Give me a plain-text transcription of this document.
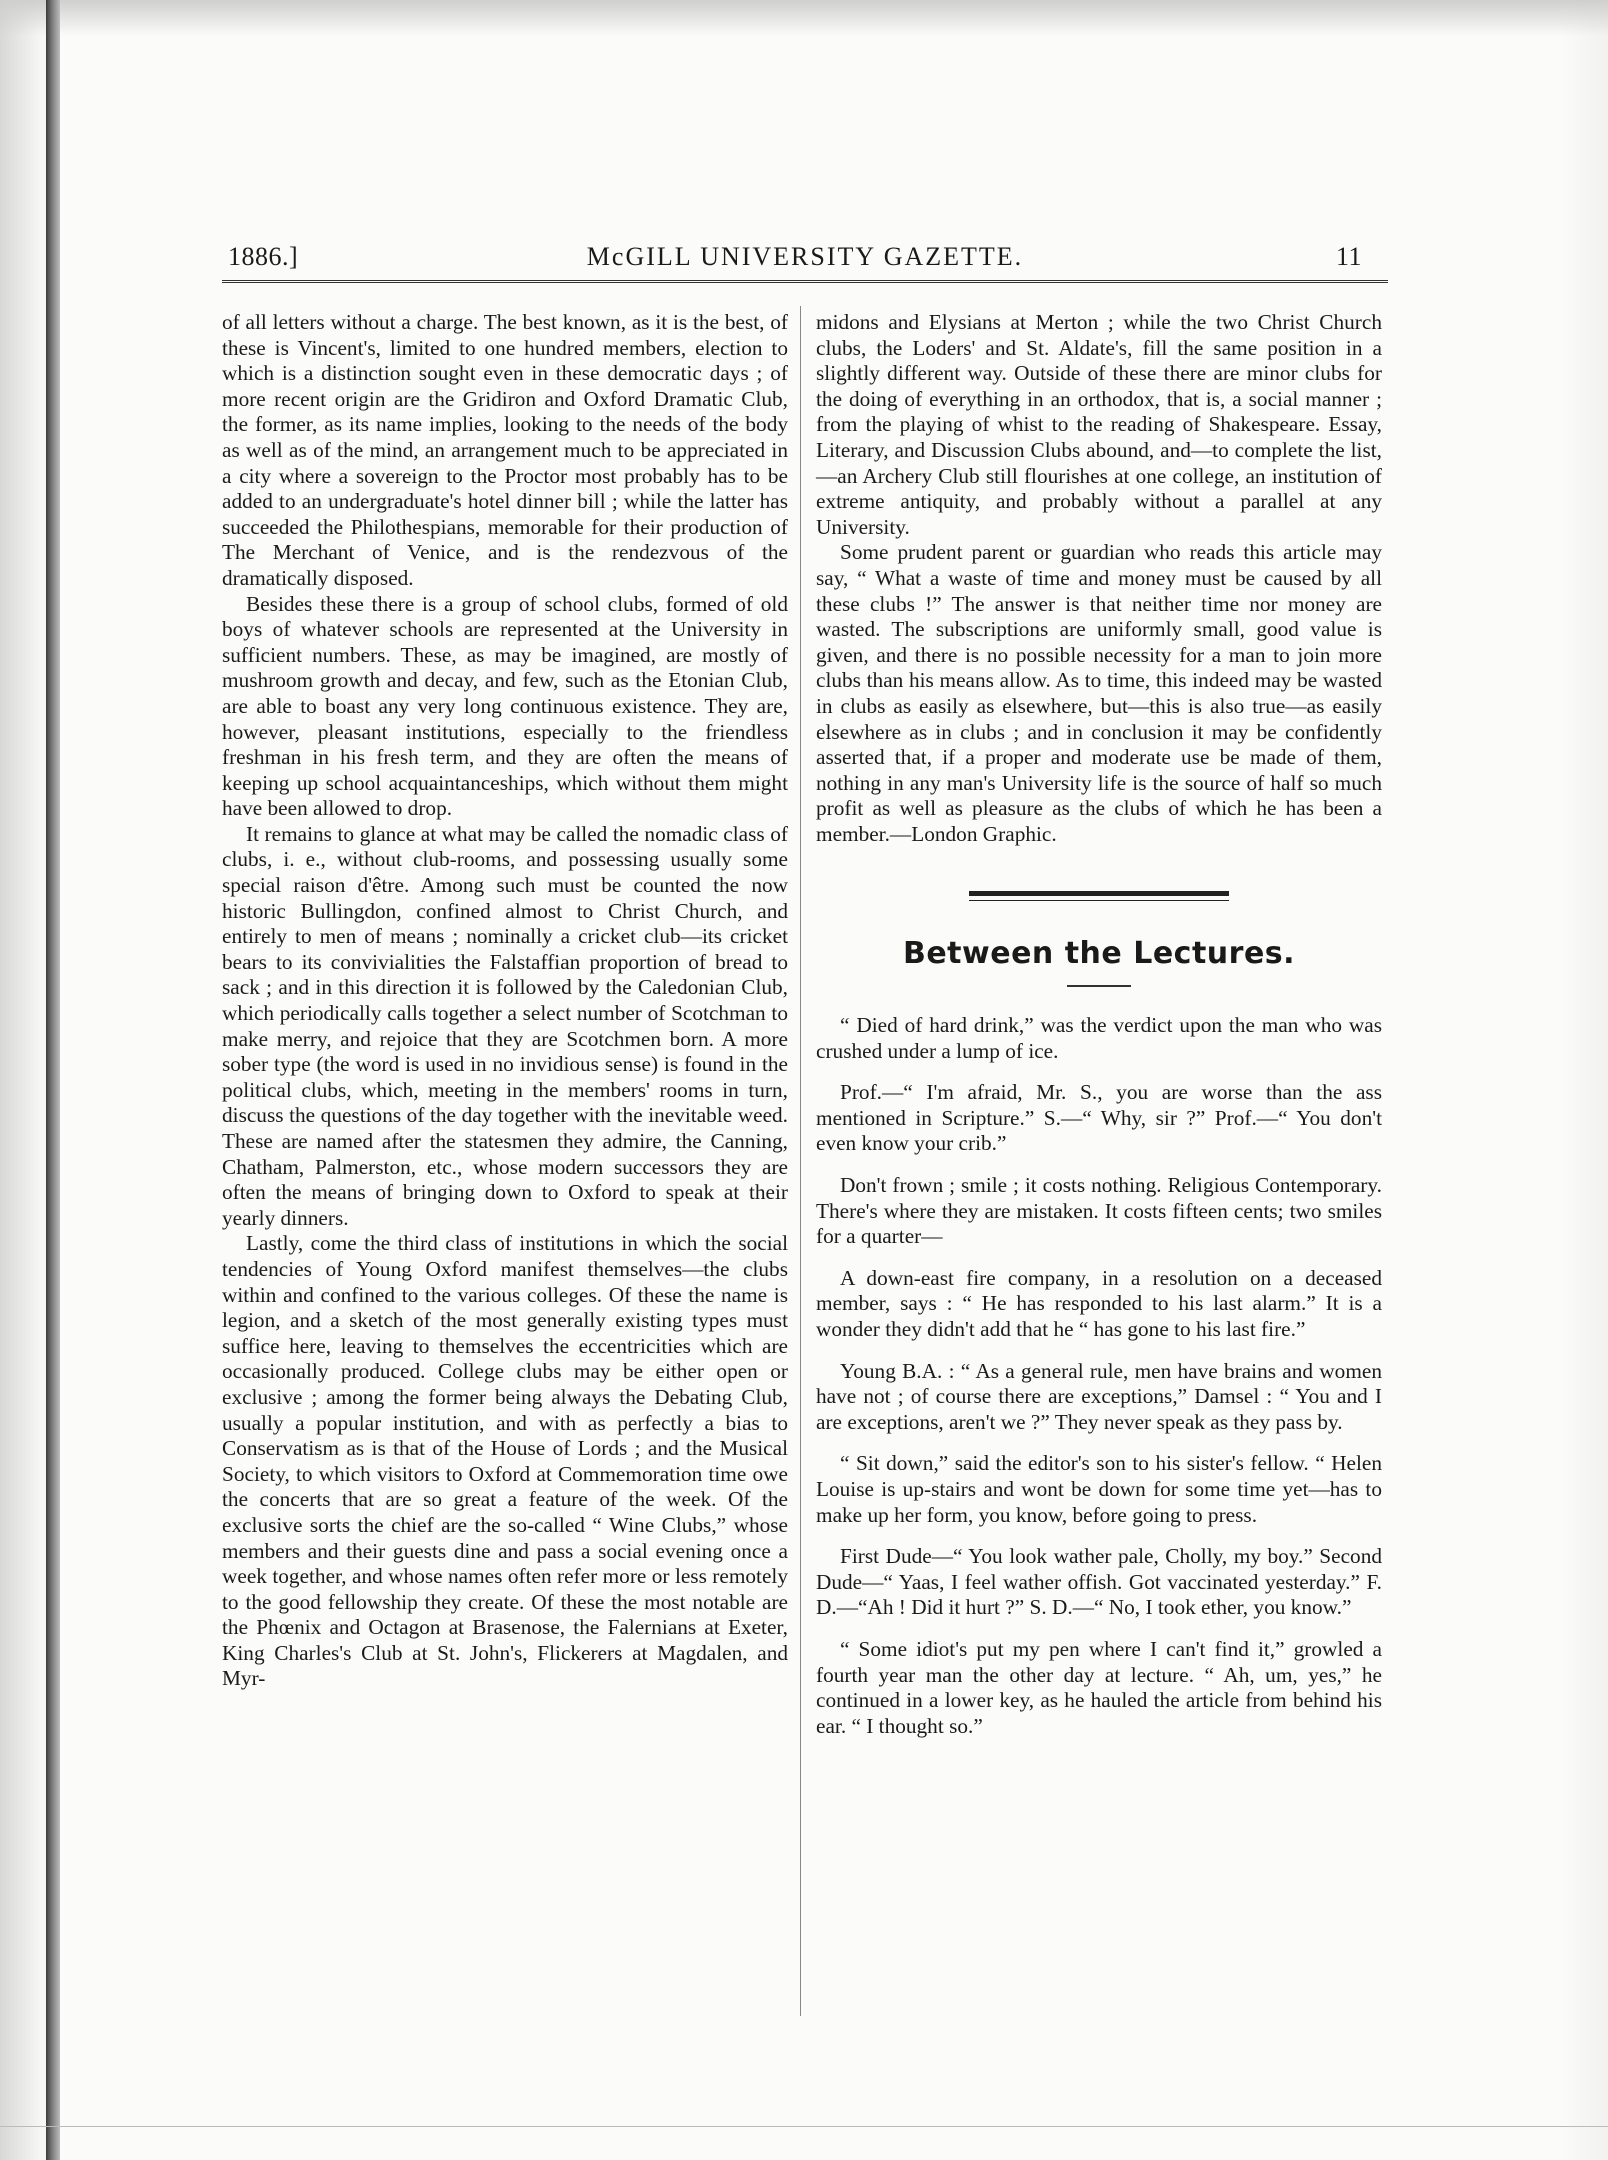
1886.]	McGILL UNIVERSITY GAZETTE.	11

of all letters without a charge. The best known, as it is the best, of these is Vincent's, limited to one hundred members, election to which is a distinction sought even in these democratic days ; of more recent origin are the Gridiron and Oxford Dramatic Club, the former, as its name implies, looking to the needs of the body as well as of the mind, an arrangement much to be appreciated in a city where a sovereign to the Proctor most probably has to be added to an undergraduate's hotel dinner bill ; while the latter has succeeded the Philothespians, memorable for their production of The Merchant of Venice, and is the rendezvous of the dramatically disposed.

Besides these there is a group of school clubs, formed of old boys of whatever schools are represented at the University in sufficient numbers. These, as may be imagined, are mostly of mushroom growth and decay, and few, such as the Etonian Club, are able to boast any very long continuous existence. They are, however, pleasant institutions, especially to the friendless freshman in his fresh term, and they are often the means of keeping up school acquaintanceships, which without them might have been allowed to drop.

It remains to glance at what may be called the nomadic class of clubs, i. e., without club-rooms, and possessing usually some special raison d'être. Among such must be counted the now historic Bullingdon, confined almost to Christ Church, and entirely to men of means ; nominally a cricket club—its cricket bears to its convivialities the Falstaffian proportion of bread to sack ; and in this direction it is followed by the Caledonian Club, which periodically calls together a select number of Scotchman to make merry, and rejoice that they are Scotchmen born. A more sober type (the word is used in no invidious sense) is found in the political clubs, which, meeting in the members' rooms in turn, discuss the questions of the day together with the inevitable weed. These are named after the statesmen they admire, the Canning, Chatham, Palmerston, etc., whose modern successors they are often the means of bringing down to Oxford to speak at their yearly dinners.

Lastly, come the third class of institutions in which the social tendencies of Young Oxford manifest themselves—the clubs within and confined to the various colleges. Of these the name is legion, and a sketch of the most generally existing types must suffice here, leaving to themselves the eccentricities which are occasionally produced. College clubs may be either open or exclusive ; among the former being always the Debating Club, usually a popular institution, and with as perfectly a bias to Conservatism as is that of the House of Lords ; and the Musical Society, to which visitors to Oxford at Commemoration time owe the concerts that are so great a feature of the week. Of the exclusive sorts the chief are the so-called “ Wine Clubs,” whose members and their guests dine and pass a social evening once a week together, and whose names often refer more or less remotely to the good fellowship they create. Of these the most notable are the Phœnix and Octagon at Brasenose, the Falernians at Exeter, King Charles's Club at St. John's, Flickerers at Magdalen, and Myr-

midons and Elysians at Merton ; while the two Christ Church clubs, the Loders' and St. Aldate's, fill the same position in a slightly different way. Outside of these there are minor clubs for the doing of everything in an orthodox, that is, a social manner ; from the playing of whist to the reading of Shakespeare. Essay, Literary, and Discussion Clubs abound, and—to complete the list,—an Archery Club still flourishes at one college, an institution of extreme antiquity, and probably without a parallel at any University.

Some prudent parent or guardian who reads this article may say, “ What a waste of time and money must be caused by all these clubs !” The answer is that neither time nor money are wasted. The subscriptions are uniformly small, good value is given, and there is no possible necessity for a man to join more clubs than his means allow. As to time, this indeed may be wasted in clubs as easily as elsewhere, but—this is also true—as easily elsewhere as in clubs ; and in conclusion it may be confidently asserted that, if a proper and moderate use be made of them, nothing in any man's University life is the source of half so much profit as well as pleasure as the clubs of which he has been a member.—London Graphic.

Between the Lectures.

“ Died of hard drink,” was the verdict upon the man who was crushed under a lump of ice.

Prof.—“ I'm afraid, Mr. S., you are worse than the ass mentioned in Scripture.” S.—“ Why, sir ?” Prof.—“ You don't even know your crib.”

Don't frown ; smile ; it costs nothing. Religious Contemporary. There's where they are mistaken. It costs fifteen cents; two smiles for a quarter—

A down-east fire company, in a resolution on a deceased member, says : “ He has responded to his last alarm.” It is a wonder they didn't add that he “ has gone to his last fire.”

Young B.A. : “ As a general rule, men have brains and women have not ; of course there are exceptions,” Damsel : “ You and I are exceptions, aren't we ?” They never speak as they pass by.

“ Sit down,” said the editor's son to his sister's fellow. “ Helen Louise is up-stairs and wont be down for some time yet—has to make up her form, you know, before going to press.

First Dude—“ You look wather pale, Cholly, my boy.” Second Dude—“ Yaas, I feel wather offish. Got vaccinated yesterday.” F. D.—“Ah ! Did it hurt ?” S. D.—“ No, I took ether, you know.”

“ Some idiot's put my pen where I can't find it,” growled a fourth year man the other day at lecture. “ Ah, um, yes,” he continued in a lower key, as he hauled the article from behind his ear. “ I thought so.”
